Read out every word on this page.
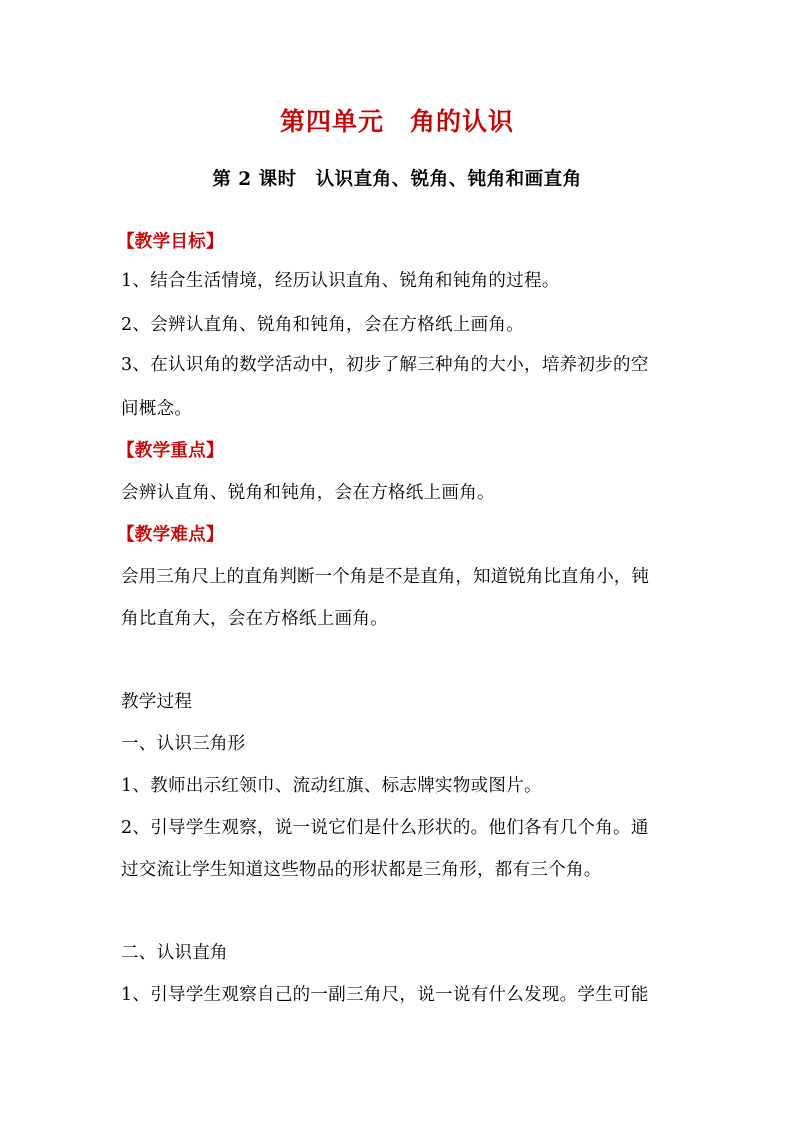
第四单元　角的认识
第 2 课时　认识直角、锐角、钝角和画直角
【教学目标】
1、结合生活情境，经历认识直角、锐角和钝角的过程。
2、会辨认直角、锐角和钝角，会在方格纸上画角。
3、在认识角的数学活动中，初步了解三种角的大小，培养初步的空
间概念。
【教学重点】
会辨认直角、锐角和钝角，会在方格纸上画角。
【教学难点】
会用三角尺上的直角判断一个角是不是直角，知道锐角比直角小，钝
角比直角大，会在方格纸上画角。
教学过程
一、认识三角形
1、教师出示红领巾、流动红旗、标志牌实物或图片。
2、引导学生观察，说一说它们是什么形状的。他们各有几个角。通
过交流让学生知道这些物品的形状都是三角形，都有三个角。
二、认识直角
1、引导学生观察自己的一副三角尺，说一说有什么发现。学生可能
